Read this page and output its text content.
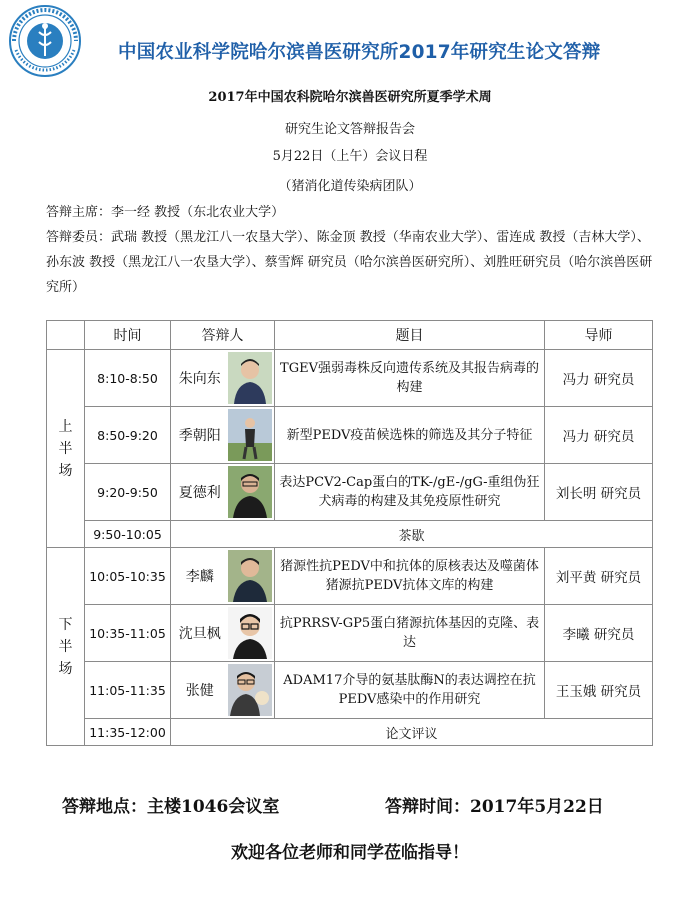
中国农业科学院哈尔滨兽医研究所2017年研究生论文答辩
2017年中国农科院哈尔滨兽医研究所夏季学术周
研究生论文答辩报告会
5月22日（上午）会议日程
（猪消化道传染病团队）
答辩主席：李一经 教授（东北农业大学）
答辩委员：武瑞 教授（黑龙江八一农垦大学）、陈金顶 教授（华南农业大学）、雷连成 教授（吉林大学）、孙东波 教授（黑龙江八一农垦大学）、蔡雪辉 研究员（哈尔滨兽医研究所）、刘胜旺研究员（哈尔滨兽医研究所）
	时间	答辩人	题目	导师
上
半
场	8:10-8:50	朱向东	TGEV强弱毒株反向遗传系统及其报告病毒的构建	冯力 研究员
	8:50-9:20	季朝阳	新型PEDV疫苗候选株的筛选及其分子特征	冯力 研究员
	9:20-9:50	夏德利	表达PCV2-Cap蛋白的TK-/gE-/gG-重组伪狂犬病毒的构建及其免疫原性研究	刘长明 研究员
	9:50-10:05	茶歇		
下
半
场	10:05-10:35	李麟	猪源性抗PEDV中和抗体的原核表达及噬菌体猪源抗PEDV抗体文库的构建	刘平黄 研究员
	10:35-11:05	沈旦枫	抗PRRSV-GP5蛋白猪源抗体基因的克隆、表达	李曦 研究员
	11:05-11:35	张健	ADAM17介导的氨基肽酶N的表达调控在抗PEDV感染中的作用研究	王玉娥 研究员
	11:35-12:00	论文评议		
答辩地点：主楼1046会议室	答辩时间：2017年5月22日
欢迎各位老师和同学莅临指导！
